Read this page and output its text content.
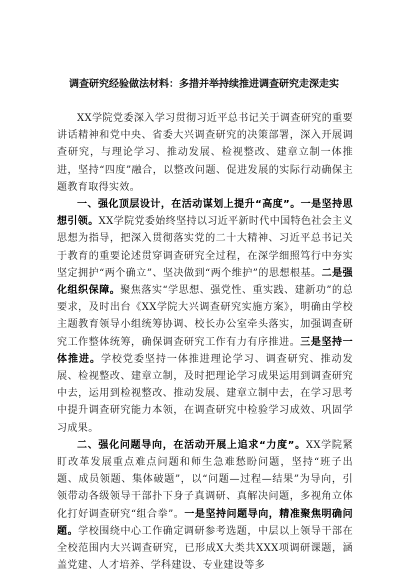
调查研究经验做法材料：多措并举持续推进调查研究走深走实

XX学院党委深入学习贯彻习近平总书记关于调查研究的重要讲话精神和党中央、省委大兴调查研究的决策部署，深入开展调查研究，与理论学习、推动发展、检视整改、建章立制一体推进，坚持“四度”融合，以整改问题、促进发展的实际行动确保主题教育取得实效。

一、强化顶层设计，在活动谋划上提升“高度”。一是坚持思想引领。XX学院党委始终坚持以习近平新时代中国特色社会主义思想为指导，把深入贯彻落实党的二十大精神、习近平总书记关于教育的重要论述贯穿调查研究全过程，在深学细照笃行中夯实坚定拥护“两个确立”、坚决做到“两个维护”的思想根基。二是强化组织保障。聚焦落实“学思想、强党性、重实践、建新功”的总要求，及时出台《XX学院大兴调查研究实施方案》，明确由学校主题教育领导小组统筹协调、校长办公室牵头落实，加强调查研究工作整体统筹，确保调查研究工作有力有序推进。三是坚持一体推进。学校党委坚持一体推进理论学习、调查研究、推动发展、检视整改、建章立制，及时把理论学习成果运用到调查研究中去，运用到检视整改、推动发展、建章立制中去，在学习思考中提升调查研究能力本领，在调查研究中检验学习成效、巩固学习成果。

二、强化问题导向，在活动开展上追求“力度”。XX学院紧盯改革发展重点难点问题和师生急难愁盼问题，坚持“班子出题、成员领题、集体破题”，以“问题—过程—结果”为导向，引领带动各级领导干部扑下身子真调研、真解决问题，多视角立体化打好调查研究“组合拳”。一是坚持问题导向，精准聚焦明确问题。学校围绕中心工作确定调研参考选题，中层以上领导干部在全校范围内大兴调查研究，已形成X大类共XXX项调研课题，涵盖党建、人才培养、学科建设、专业建设等多
